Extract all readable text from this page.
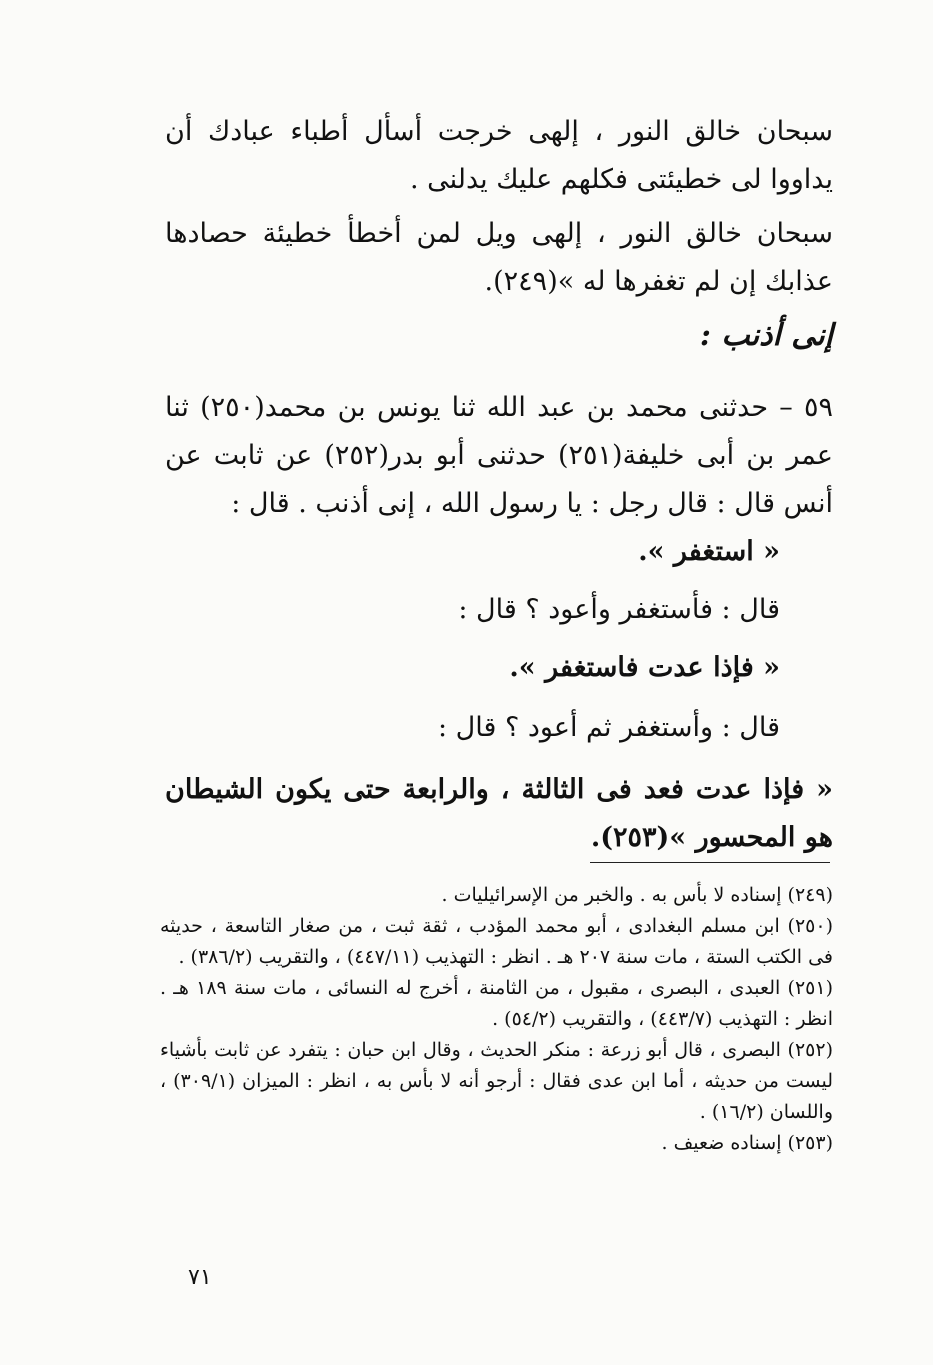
سبحان خالق النور ، إلهى خرجت أسأل أطباء عبادك أن يداووا لى خطيئتى فكلهم عليك يدلنى .

سبحان خالق النور ، إلهى ويل لمن أخطأ خطيئة حصادها عذابك إن لم تغفرها له »(٢٤٩).

إنى أذنب :

٥٩ – حدثنى محمد بن عبد الله ثنا يونس بن محمد(٢٥٠) ثنا عمر بن أبى خليفة(٢٥١) حدثنى أبو بدر(٢٥٢) عن ثابت عن أنس قال : قال رجل : يا رسول الله ، إنى أذنب . قال :

« استغفر ».

قال : فأستغفر وأعود ؟ قال :

« فإذا عدت فاستغفر ».

قال : وأستغفر ثم أعود ؟ قال :

« فإذا عدت فعد فى الثالثة ، والرابعة حتى يكون الشيطان هو المحسور »(٢٥٣).

(٢٤٩) إسناده لا بأس به . والخبر من الإسرائيليات .

(٢٥٠) ابن مسلم البغدادى ، أبو محمد المؤدب ، ثقة ثبت ، من صغار التاسعة ، حديثه فى الكتب الستة ، مات سنة ٢٠٧ هـ . انظر : التهذيب (٤٤٧/١١) ، والتقريب (٣٨٦/٢) .

(٢٥١) العبدى ، البصرى ، مقبول ، من الثامنة ، أخرج له النسائى ، مات سنة ١٨٩ هـ . انظر : التهذيب (٤٤٣/٧) ، والتقريب (٥٤/٢) .

(٢٥٢) البصرى ، قال أبو زرعة : منكر الحديث ، وقال ابن حبان : يتفرد عن ثابت بأشياء ليست من حديثه ، أما ابن عدى فقال : أرجو أنه لا بأس به ، انظر : الميزان (٣٠٩/١) ، واللسان (١٦/٢) .

(٢٥٣) إسناده ضعيف .

٧١
